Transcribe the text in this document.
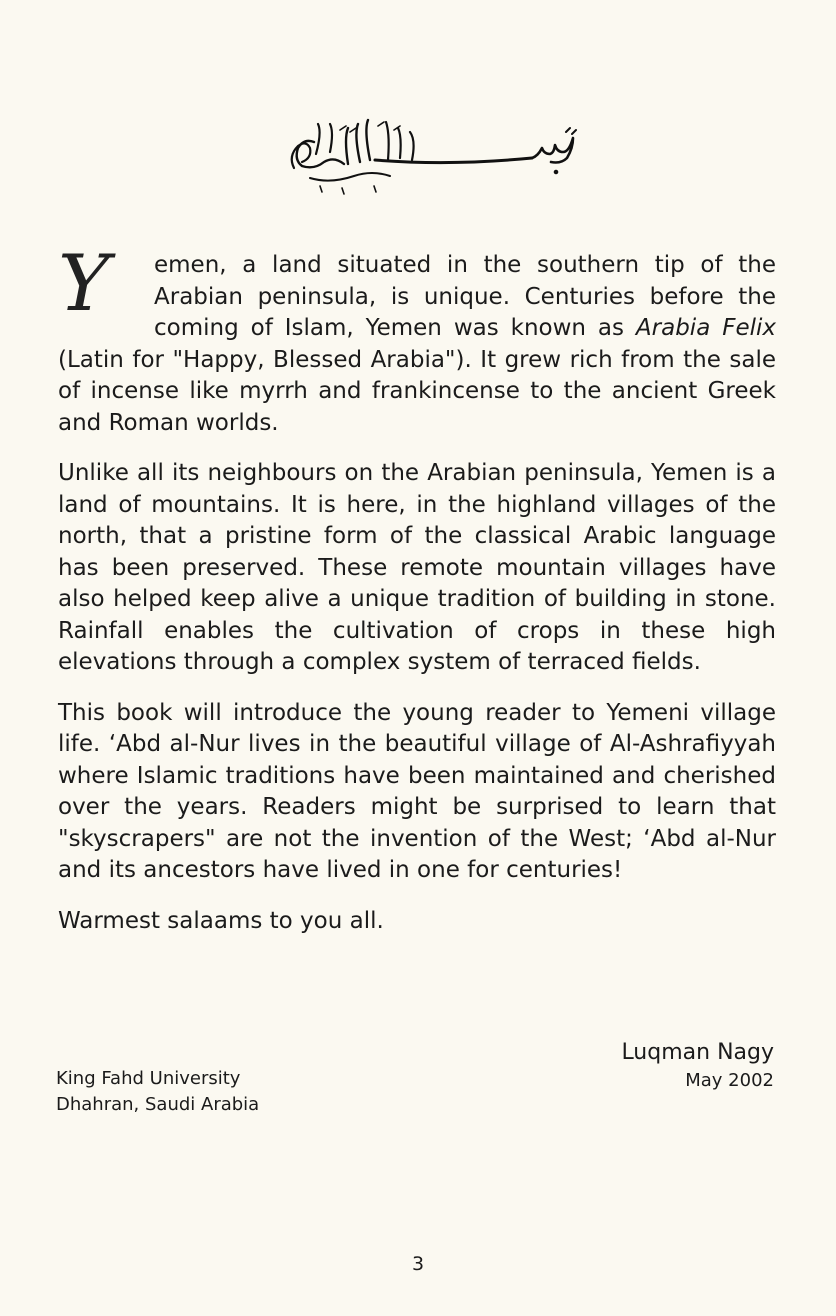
Y	emen, a land situated in the southern tip of the Arabian peninsula, is unique. Centuries before the coming of Islam, Yemen was known as Arabia Felix (Latin for "Happy, Blessed Arabia"). It grew rich from the sale of incense like myrrh and frankincense to the ancient Greek and Roman worlds.

Unlike all its neighbours on the Arabian peninsula, Yemen is a land of mountains. It is here, in the highland villages of the north, that a pristine form of the classical Arabic language has been preserved. These remote mountain villages have also helped keep alive a unique tradition of building in stone. Rainfall enables the cultivation of crops in these high elevations through a complex system of terraced fields.

This book will introduce the young reader to Yemeni village life. ‘Abd al-Nur lives in the beautiful village of Al-Ashrafiyyah where Islamic traditions have been maintained and cherished over the years. Readers might be surprised to learn that "skyscrapers" are not the invention of the West; ‘Abd al-Nur and its ancestors have lived in one for centuries!

Warmest salaams to you all.

Luqman Nagy
May 2002
King Fahd University
Dhahran, Saudi Arabia
3
